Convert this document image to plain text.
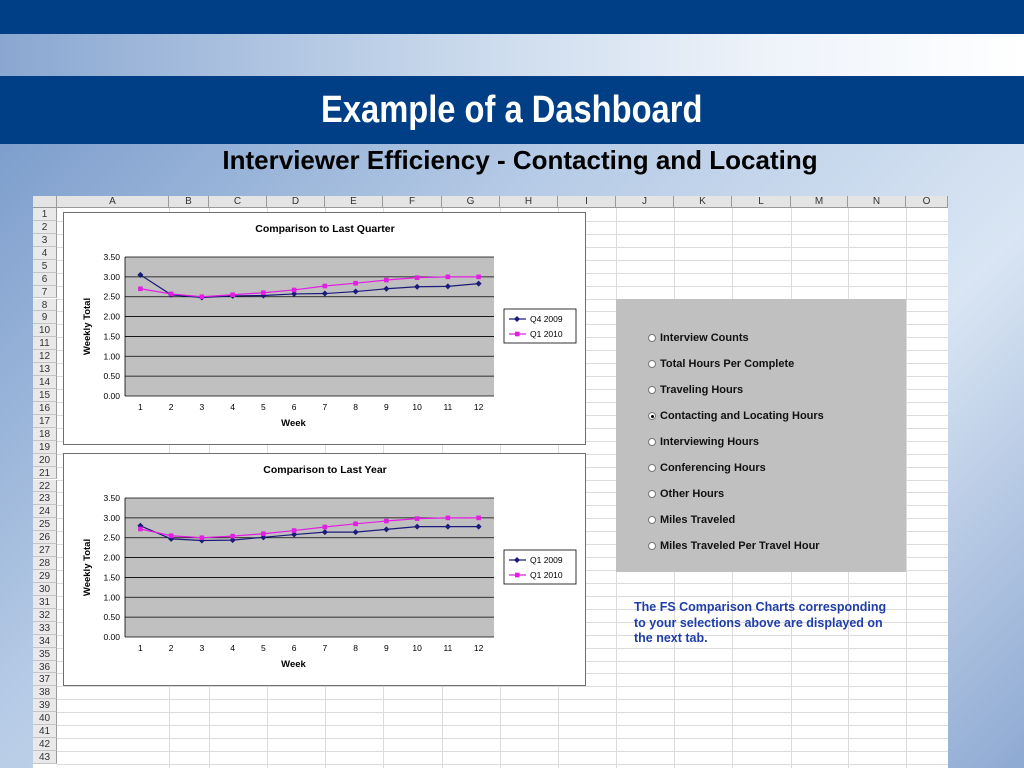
Example of a Dashboard
Interviewer Efficiency - Contacting and Locating
A	B	C	D	E	F	G	H	I	J	K	L	M	N	O
1
2
3
4
5
6
7
8
9
10
11
12
13
14
15
16
17
18
19
20
21
22
23
24
25
26
27
28
29
30
31
32
33
34
35
36
37
38
39
40
41
42
43
Comparison to Last Quarter
3.50
3.00
2.50
2.00
1.50
1.00
0.50
0.00
1	2	3	4	5	6	7	8	9	10	11	12
Week
Weekly Total	Q4 2009
Q1 2010
Comparison to Last Year
3.50
3.00
2.50
2.00
1.50
1.00
0.50
0.00
1	2	3	4	5	6	7	8	9	10	11	12
Week
Weekly Total	Q1 2009
Q1 2010
Interview Counts
Total Hours Per Complete
Traveling Hours
Contacting and Locating Hours
Interviewing Hours
Conferencing Hours
Other Hours
Miles Traveled
Miles Traveled Per Travel Hour
The FS Comparison Charts corresponding
to your selections above are displayed on
the next tab.
